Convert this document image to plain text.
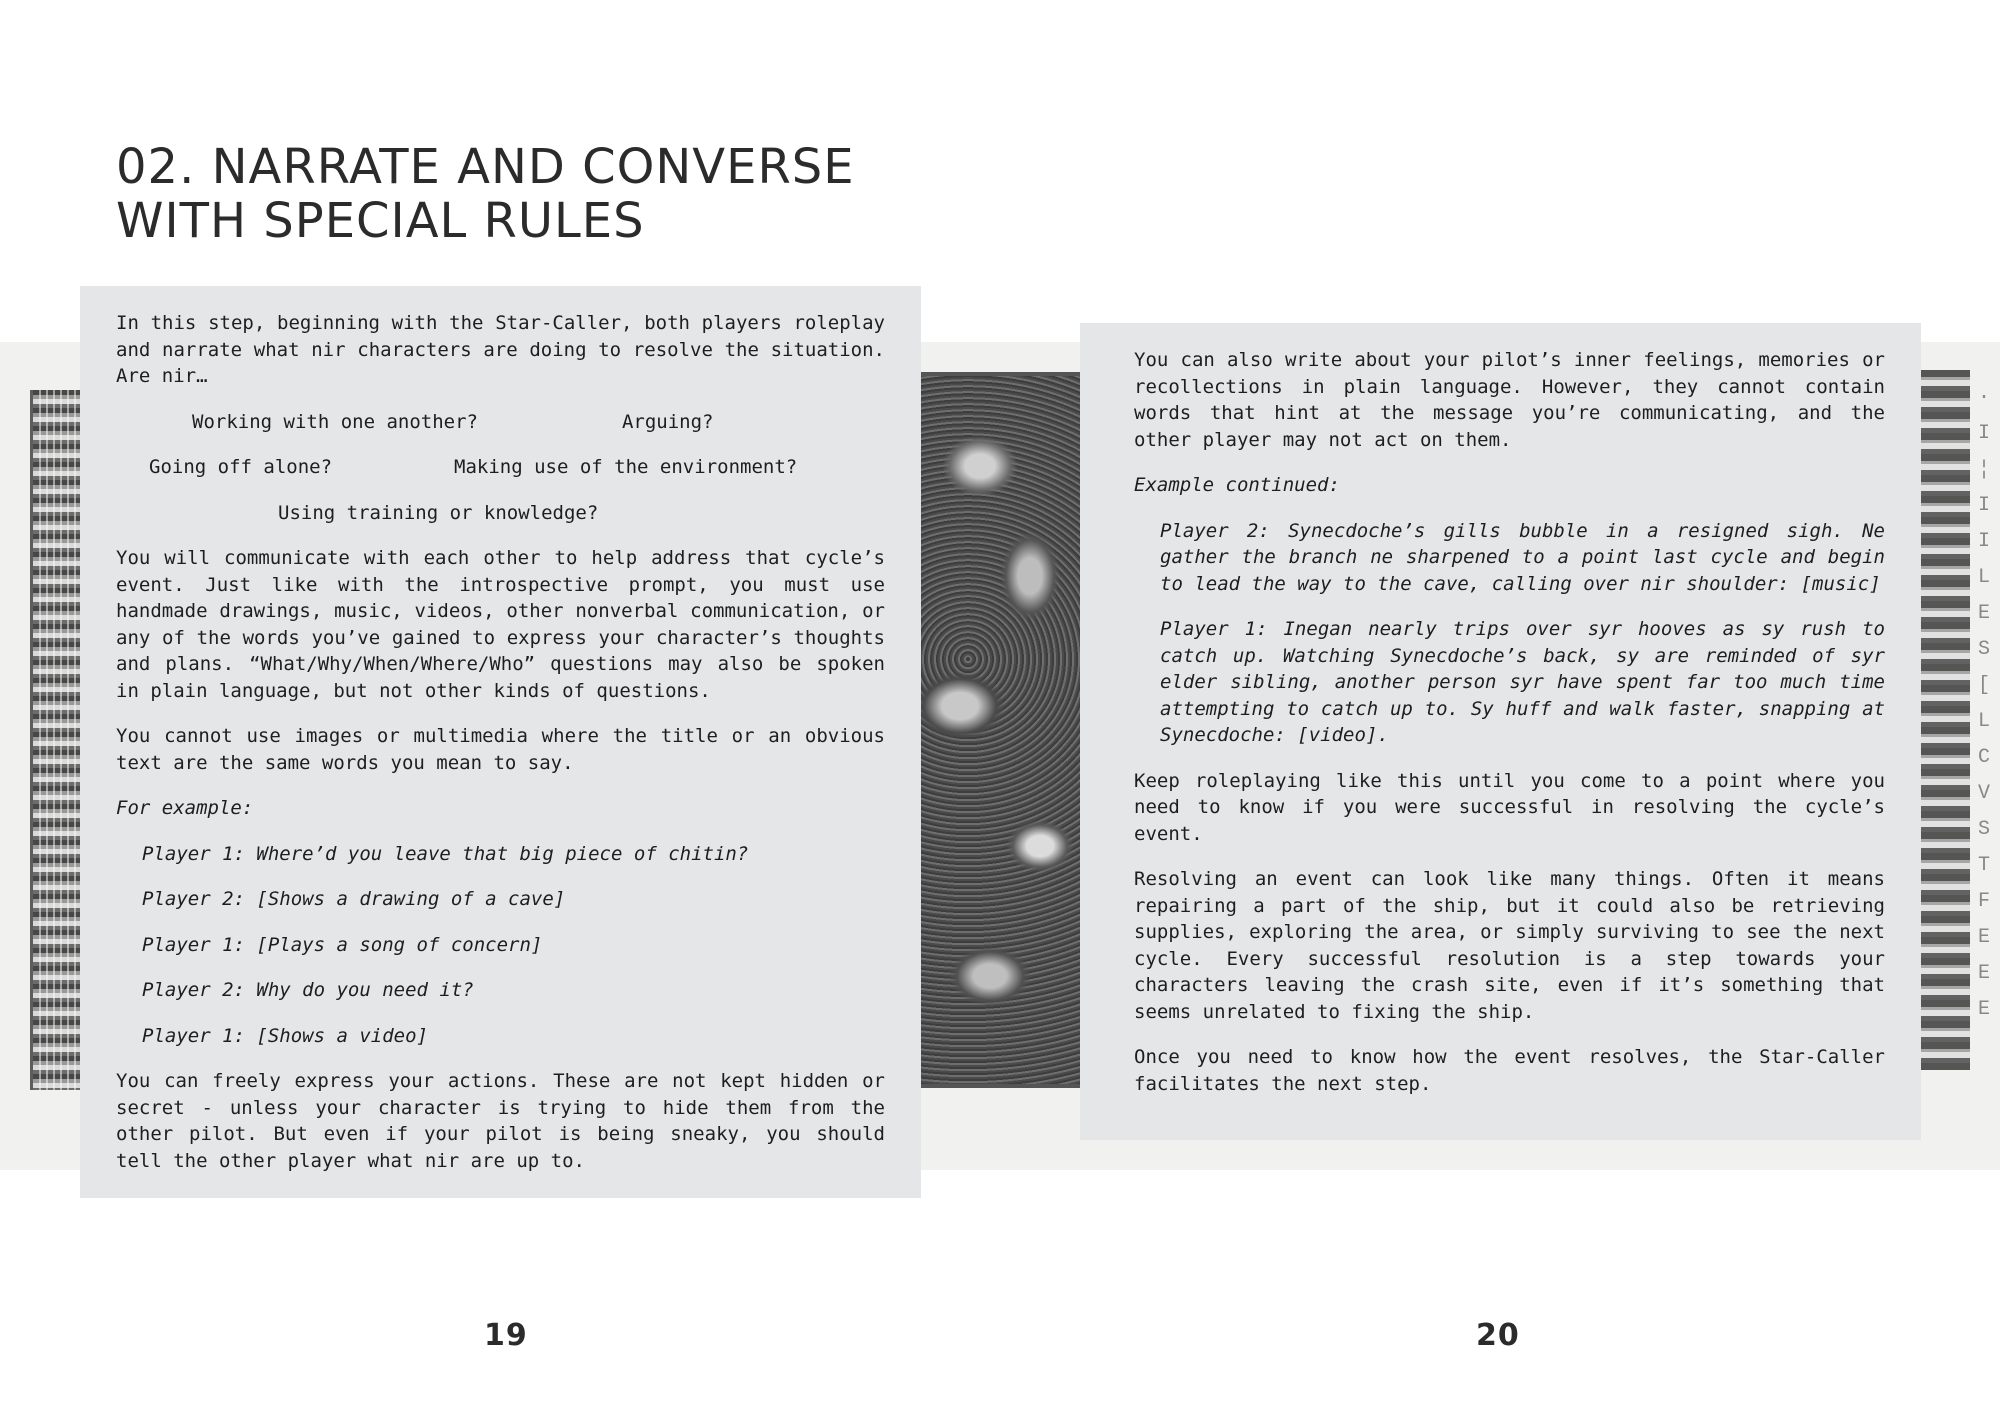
·
I
¦
I
I
L
E
S
[
L
C
V
S
T
F
E
E
E
02. NARRATE AND CONVERSE
WITH SPECIAL RULES

In this step, beginning with the Star-Caller, both players roleplay and narrate what nir characters are doing to resolve the situation. Are nir…

Working with one another?	Arguing?
Going off alone?	Making use of the environment?
Using training or knowledge?

You will communicate with each other to help address that cycle’s event. Just like with the introspective prompt, you must use handmade drawings, music, videos, other nonverbal communication, or any of the words you’ve gained to express your character’s thoughts and plans. “What/Why/When/Where/Who” questions may also be spoken in plain language, but not other kinds of questions.

You cannot use images or multimedia where the title or an obvious text are the same words you mean to say.

For example:

Player 1: Where’d you leave that big piece of chitin?

Player 2: [Shows a drawing of a cave]

Player 1: [Plays a song of concern]

Player 2: Why do you need it?

Player 1: [Shows a video]

You can freely express your actions. These are not kept hidden or secret - unless your character is trying to hide them from the other pilot. But even if your pilot is being sneaky, you should tell the other player what nir are up to.

You can also write about your pilot’s inner feelings, memories or recollections in plain language. However, they cannot contain words that hint at the message you’re communicating, and the other player may not act on them.

Example continued:

Player 2: Synecdoche’s gills bubble in a resigned sigh. Ne gather the branch ne sharpened to a point last cycle and begin to lead the way to the cave, calling over nir shoulder: [music]

Player 1: Inegan nearly trips over syr hooves as sy rush to catch up. Watching Synecdoche’s back, sy are reminded of syr elder sibling, another person syr have spent far too much time attempting to catch up to. Sy huff and walk faster, snapping at Synecdoche: [video].

Keep roleplaying like this until you come to a point where you need to know if you were successful in resolving the cycle’s event.

Resolving an event can look like many things. Often it means repairing a part of the ship, but it could also be retrieving supplies, exploring the area, or simply surviving to see the next cycle. Every successful resolution is a step towards your characters leaving the crash site, even if it’s something that seems unrelated to fixing the ship.

Once you need to know how the event resolves, the Star-Caller facilitates the next step.

19	20
